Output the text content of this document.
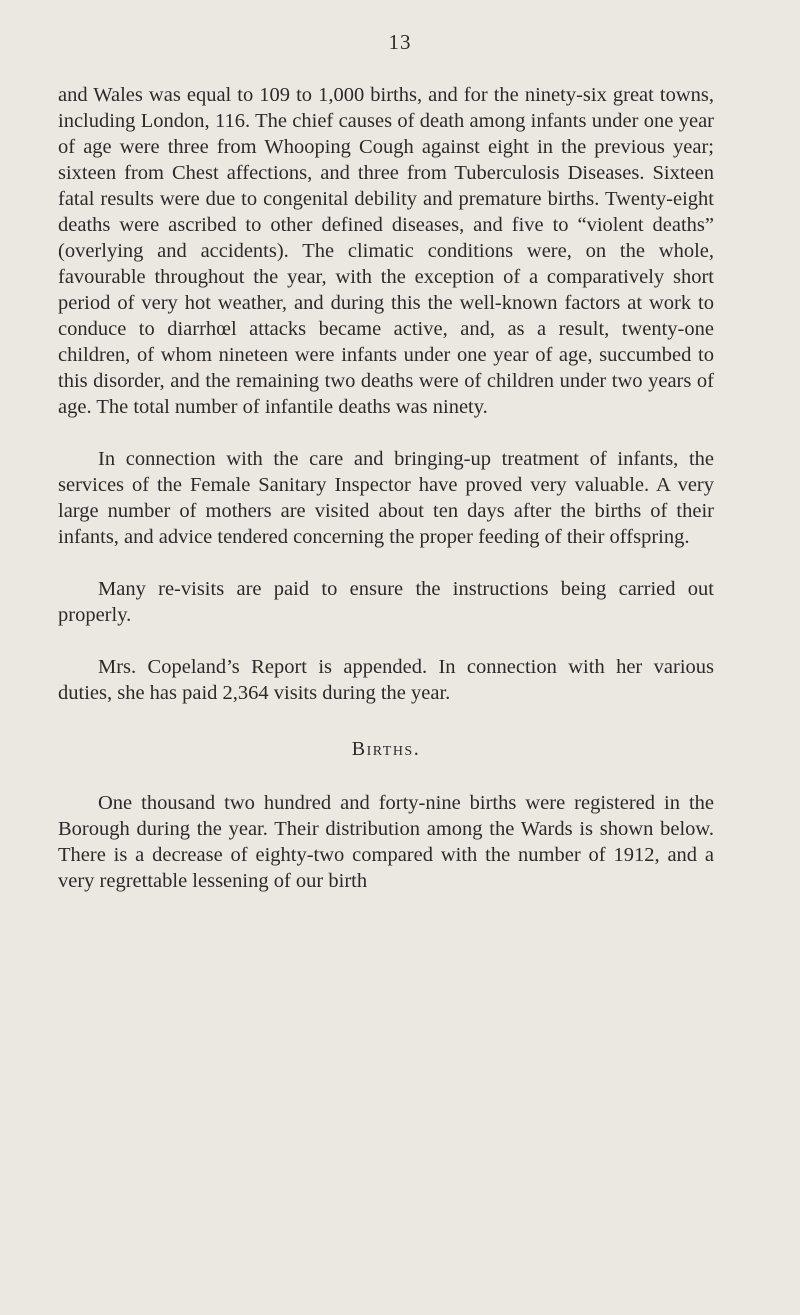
13

and Wales was equal to 109 to 1,000 births, and for the ninety-six great towns, including London, 116. The chief causes of death among infants under one year of age were three from Whooping Cough against eight in the previous year; sixteen from Chest affections, and three from Tuberculosis Diseases. Sixteen fatal results were due to congenital debility and premature births. Twenty-eight deaths were ascribed to other defined diseases, and five to “violent deaths” (overlying and accidents). The climatic conditions were, on the whole, favourable throughout the year, with the exception of a comparatively short period of very hot weather, and during this the well-known factors at work to conduce to diarrhœl attacks became active, and, as a result, twenty-one children, of whom nineteen were infants under one year of age, succumbed to this disorder, and the remaining two deaths were of children under two years of age. The total number of infantile deaths was ninety.

In connection with the care and bringing-up treatment of infants, the services of the Female Sanitary Inspector have proved very valuable. A very large number of mothers are visited about ten days after the births of their infants, and advice tendered concerning the proper feeding of their offspring.

Many re-visits are paid to ensure the instructions being carried out properly.

Mrs. Copeland’s Report is appended. In connection with her various duties, she has paid 2,364 visits during the year.

Births.

One thousand two hundred and forty-nine births were registered in the Borough during the year. Their distribution among the Wards is shown below. There is a decrease of eighty-two compared with the number of 1912, and a very regrettable lessening of our birth
